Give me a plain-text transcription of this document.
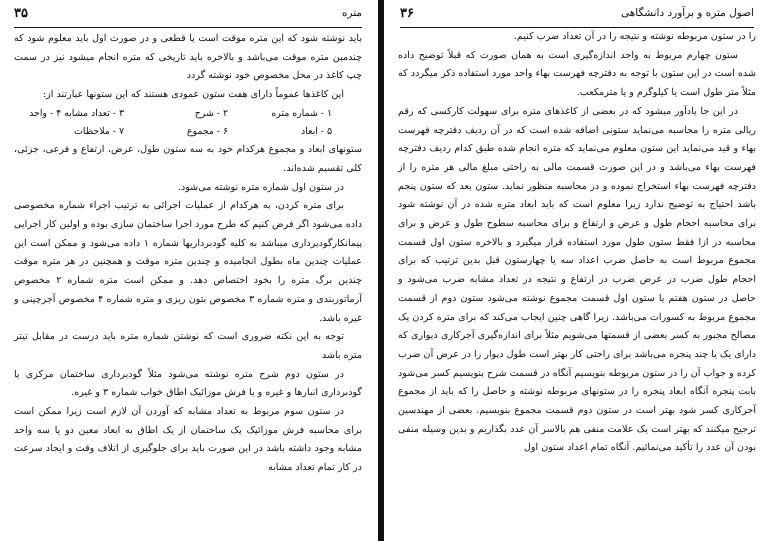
۳۵	متره

باید نوشته شود که این متره موقت است یا قطعی و در صورت اول باید معلوم شود که چندمین متره موقت می‌باشد و بالاخره باید تاریخی که متره انجام میشود نیز در سمت چپ کاغذ در محل مخصوص خود نوشته گردد

این کاغذها عموماً دارای هفت ستون عمودی هستند که این ستونها عبارتند از:

۱ - شماره متره
۲ - شرح
۳ - تعداد مشابه ۴ - واحد
۵ - ابعاد
۶ - مجموع
۷ - ملاحظات

ستونهای ابعاد و مجموع هرکدام خود به سه ستون طول، عرض، ارتفاع و فرعی، جزئی، کلی تقسیم شده‌اند.

در ستون اول شماره متره نوشته می‌شود.

برای متره کردن، به هرکدام از عملیات اجرائی به ترتیب اجراء شماره مخصوصی داده می‌شود اگر فرض کنیم که طرح مورد اجرا ساختمان سازی بوده و اولین کار اجرایی پیمانکارگودبرداری میباشد به کلیه گودبرداریها شماره ۱ داده می‌شود و ممکن است این عملیات چندین ماه بطول انجامیده و چندین متره موقت و همچنین در هر متره موقت چندین برگ متره را بخود اختصاص دهد. و ممکن است متره شماره ۲ مخصوص آرماتوربندی و متره شماره ۳ مخصوص بتون ریزی و متره شماره ۴ مخصوص آجرچینی و غیره باشد.

توجه به این نکته ضروری است که نوشتن شماره متره باید درست در مقابل تیتر متره باشد

در ستون دوم شرح متره نوشته می‌شود مثلاً گودبرداری ساختمان مرکزی یا گودبرداری انبارها و غیره و یا فرش موزائیک اطاق خواب شماره ۳ و غیره.

در ستون سوم مربوط به تعداد مشابه که آوردن آن لازم است زیرا ممکن است برای محاسبه فرش موزائیک یک ساختمان از یک اطاق به ابعاد معین دو یا سه واحد مشابه وجود داشته باشد در این صورت باید برای جلوگیری از اتلاف وقت و ایجاد سرعت در کار تمام تعداد مشابه

۳۶	اصول متره و برآورد دانشگاهی

را در ستون مربوطه نوشته و نتیجه را در آن تعداد ضرب کنیم.

ستون چهارم مربوط به واحد اندازه‌گیری است به همان صورت که قبلاً توضیح داده شده است در این ستون با توجه به دفترچه فهرست بهاء واحد مورد استفاده ذکر میگردد که مثلاً متر طول است یا کیلوگرم و یا مترمکعب.

در این جا یادآور میشود که در بعضی از کاغذهای متره برای سهولت کارکسی که رقم ریالی متره را محاسبه می‌نماید ستونی اضافه شده است که در آن ردیف دفترچه فهرست بهاء و قید می‌نماید این ستون معلوم می‌نماید که متره انجام شده طبق کدام ردیف دفترچه فهرست بهاء می‌باشد و در این صورت قسمت مالی به راحتی مبلغ مالی هر متره را از دفترچه فهرست بهاء استخراج نموده و در محاسبه منظور نماید. ستون بعد که ستون پنجم باشد احتیاج به توضیح ندارد زیرا معلوم است که باید ابعاد متره شده در آن نوشته شود برای محاسبه احجام طول و عرض و ارتفاع و برای محاسبه سطوح طول و عرض و برای محاسبه در ازا فقط ستون طول مورد استفاده قرار میگیرد و بالاخره ستون اول قسمت مجموع مربوط است به حاصل ضرب اعداد سه یا چهارستون قبل بدین ترتیب که برای احجام طول ضرب در عرض ضرب در ارتفاع و نتیجه در تعداد مشابه ضرب می‌شود و حاصل در ستون هفتم یا ستون اول قسمت مجموع نوشته می‌شود ستون دوم از قسمت مجموع مربوط به کسورات می‌باشد. زیرا گاهی چنین ایجاب می‌کند که برای متره کردن یک مصالح مجبور به کسر بعضی از قسمتها می‌شویم مثلاً برای اندازه‌گیری آجرکاری دیواری که دارای یک یا چند پنجره می‌باشد برای راحتی کار بهتر است طول دیوار را در عرض آن ضرب کرده و جواب آن را در ستون مربوطه بنویسیم آنگاه در قسمت شرح بنویسیم کسر می‌شود بابت پنجره آنگاه ابعاد پنجره را در ستونهای مربوطه نوشته و حاصل را که باید از مجموع آجرکاری کسر شود بهتر است در ستون دوم قسمت مجموع بنویسیم. بعضی از مهندسین ترجیح میکنند که بهتر است یک علامت منفی هم بالاسر آن عدد بگذاریم و بدین وسیله منفی بودن آن عدد را تأکید می‌نمائیم. آنگاه تمام اعداد ستون اول
